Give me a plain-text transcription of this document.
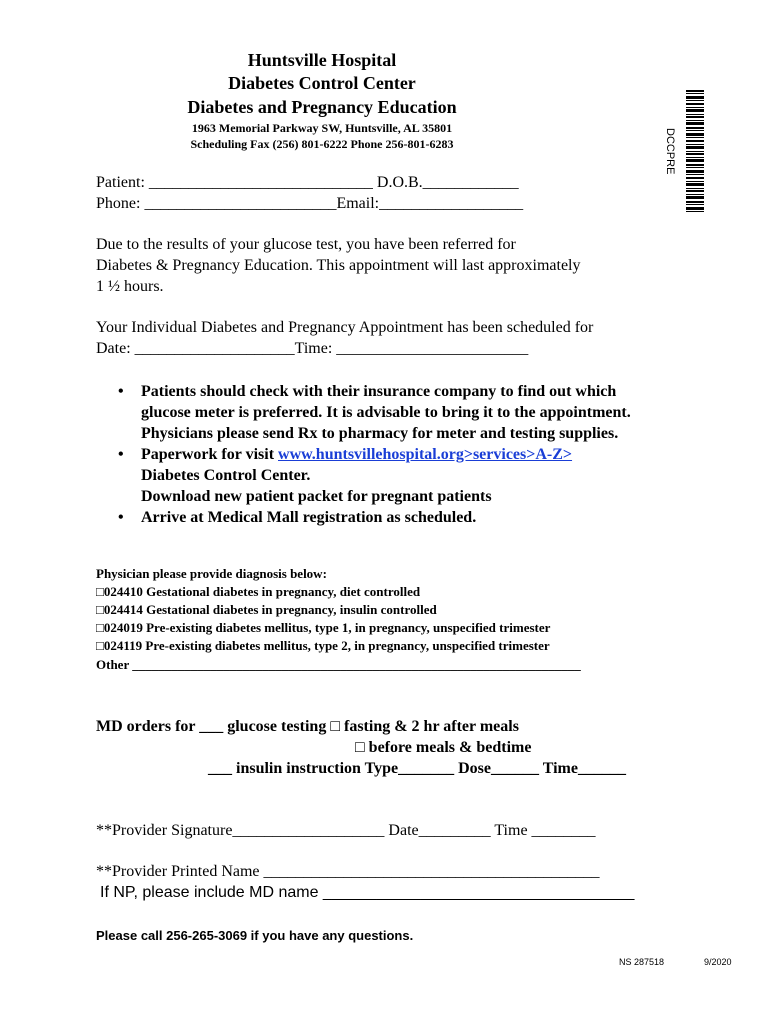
Huntsville Hospital
Diabetes Control Center
Diabetes and Pregnancy Education
1963 Memorial Parkway SW, Huntsville, AL 35801
Scheduling Fax (256) 801-6222 Phone 256-801-6283	DCCPRE
Patient: ____________________________ D.O.B.____________
Phone: ________________________Email:__________________
Due to the results of your glucose test, you have been referred for
Diabetes & Pregnancy Education. This appointment will last approximately
1 ½ hours.
Your Individual Diabetes and Pregnancy Appointment has been scheduled for
Date: ____________________Time: ________________________
• Patients should check with their insurance company to find out which
glucose meter is preferred. It is advisable to bring it to the appointment.
Physicians please send Rx to pharmacy for meter and testing supplies.
• Paperwork for visit www.huntsvillehospital.org>services>A-Z>
Diabetes Control Center.
Download new patient packet for pregnant patients
• Arrive at Medical Mall registration as scheduled.
Physician please provide diagnosis below:
□024410 Gestational diabetes in pregnancy, diet controlled
□024414 Gestational diabetes in pregnancy, insulin controlled
□024019 Pre-existing diabetes mellitus, type 1, in pregnancy, unspecified trimester
□024119 Pre-existing diabetes mellitus, type 2, in pregnancy, unspecified trimester
Other _____________________________________________________________________
MD orders for ___ glucose testing □ fasting & 2 hr after meals
□ before meals & bedtime
___ insulin instruction Type_______ Dose______ Time______
**Provider Signature___________________ Date_________ Time ________
**Provider Printed Name __________________________________________
If NP, please include MD name ___________________________________
Please call 256-265-3069 if you have any questions.
NS 287518	9/2020
